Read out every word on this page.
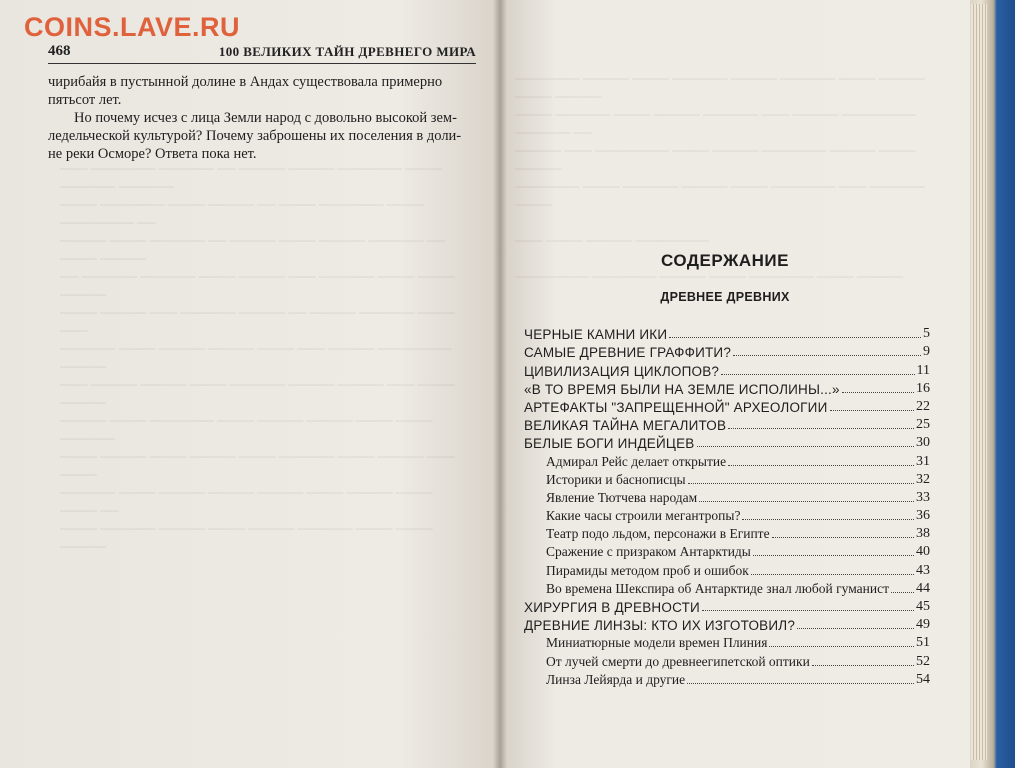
─── ─────── ────── ── ───── ───── ─────── ──── ────── ──────
──── ─────── ──── ───── ── ──── ─────── ──── ──────── ──
───── ──── ────── ── ───── ──── ───── ────── ── ──── ─────
── ────── ────── ──── ───── ─── ────── ──── ──── ─────
──── ───── ─── ────── ───── ── ───── ────── ──── ───
────── ──── ───── ───── ──── ─── ───── ──────── ─────
─── ───── ───── ──── ────── ───── ───── ─── ──── ─────
───── ──── ─────── ──── ───── ───── ──── ──── ──────
──── ───── ──── ───── ──── ────── ──── ───── ─── ────
────── ──── ───── ───── ───── ──── ───── ──── ──── ──
──── ────── ───── ──── ───── ────── ──── ──── ─────
─────── ───── ──── ────── ───── ────── ──── ───── ──── ─────
──── ────── ──── ───── ────── ─── ───── ──────── ────── ──
───── ─── ──────── ──── ───── ─────── ───── ──── ─────
─────── ──── ────── ───── ──── ─────── ─── ────── ────

─── ──── ───── ────────

──────── ─────── ───── ──── ─────── ──── ─────
COINS.LAVE.RU
468	100 ВЕЛИКИХ ТАЙН ДРЕВНЕГО МИРА

чирибайя в пустынной долине в Андах существовала примерно

пятьсот лет.

Но почему исчез с лица Земли народ с довольно высокой зем-

ледельческой культурой? Почему заброшены их поселения в доли-

не реки Осморе? Ответа пока нет.

СОДЕРЖАНИЕ
ДРЕВНЕЕ ДРЕВНИХ
ЧЕРНЫЕ КАМНИ ИКИ	5
САМЫЕ ДРЕВНИЕ ГРАФФИТИ?	9
ЦИВИЛИЗАЦИЯ ЦИКЛОПОВ?	11
«В ТО ВРЕМЯ БЫЛИ НА ЗЕМЛЕ ИСПОЛИНЫ...»	16
АРТЕФАКТЫ "ЗАПРЕЩЕННОЙ" АРХЕОЛОГИИ	22
ВЕЛИКАЯ ТАЙНА МЕГАЛИТОВ	25
БЕЛЫЕ БОГИ ИНДЕЙЦЕВ	30
Адмирал Рейс делает открытие	31
Историки и баснописцы	32
Явление Тютчева народам	33
Какие часы строили мегантропы?	36
Театр подо льдом, персонажи в Египте	38
Сражение с призраком Антарктиды	40
Пирамиды методом проб и ошибок	43
Во времена Шекспира об Антарктиде знал любой гуманист 44
ХИРУРГИЯ В ДРЕВНОСТИ	45
ДРЕВНИЕ ЛИНЗЫ: КТО ИХ ИЗГОТОВИЛ?	49
Миниатюрные модели времен Плиния	51
От лучей смерти до древнеегипетской оптики	52
Линза Лейярда и другие	54
